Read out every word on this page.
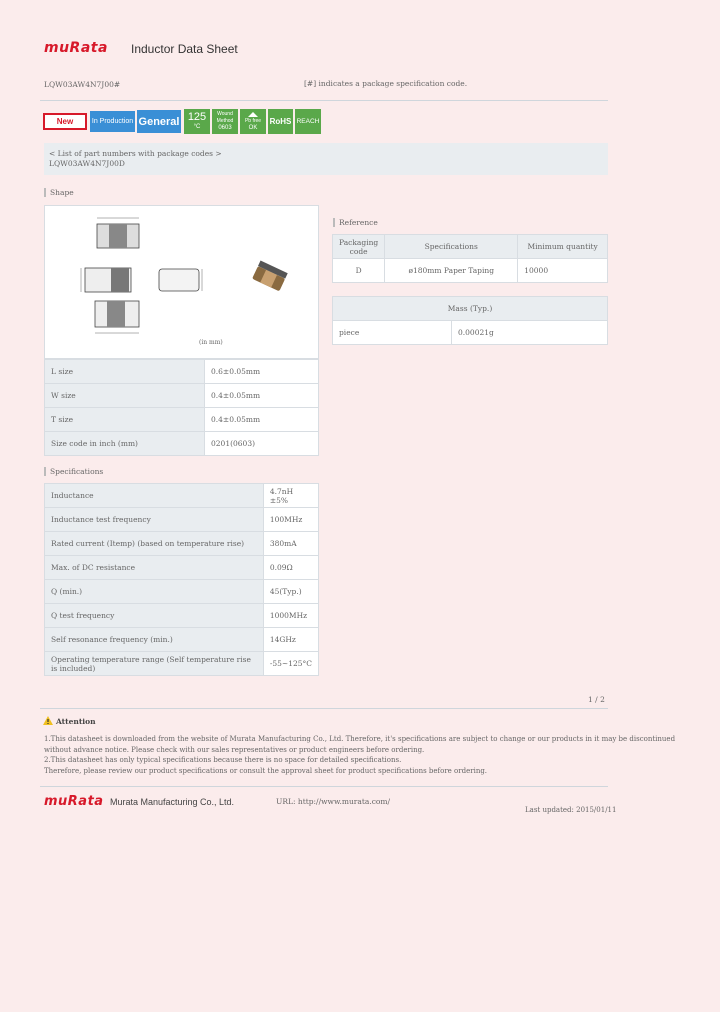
muRata Inductor Data Sheet
LQW03AW4N7J00#	[#] indicates a package specification code.
New	In Production General 125
°C
Wound
Method
0603
Pb free
OK
RoHS REACH
< List of part numbers with package codes >
LQW03AW4N7J00D
Shape
(in mm)
L size	0.6±0.05mm
W size	0.4±0.05mm
T size	0.4±0.05mm
Size code in inch (mm)	0201(0603)
Reference
Packaging code	Specifications	Minimum quantity
D	ø180mm Paper Taping	10000
Mass (Typ.)
piece	0.00021g
Specifications
Inductance	4.7nH ±5%
Inductance test frequency	100MHz
Rated current (Itemp) (based on temperature rise)	380mA
Max. of DC resistance	0.09Ω
Q (min.)	45(Typ.)
Q test frequency	1000MHz
Self resonance frequency (min.)	14GHz
Operating temperature range (Self temperature rise is included)	-55~125°C
1 / 2
Attention
1.This datasheet is downloaded from the website of Murata Manufacturing Co., Ltd. Therefore, it's specifications are subject to change or our products in it may be discontinued
without advance notice. Please check with our sales representatives or product engineers before ordering.
2.This datasheet has only typical specifications because there is no space for detailed specifications.
Therefore, please review our product specifications or consult the approval sheet for product specifications before ordering.
muRata Murata Manufacturing Co., Ltd.	URL: http://www.murata.com/
Last updated: 2015/01/11
